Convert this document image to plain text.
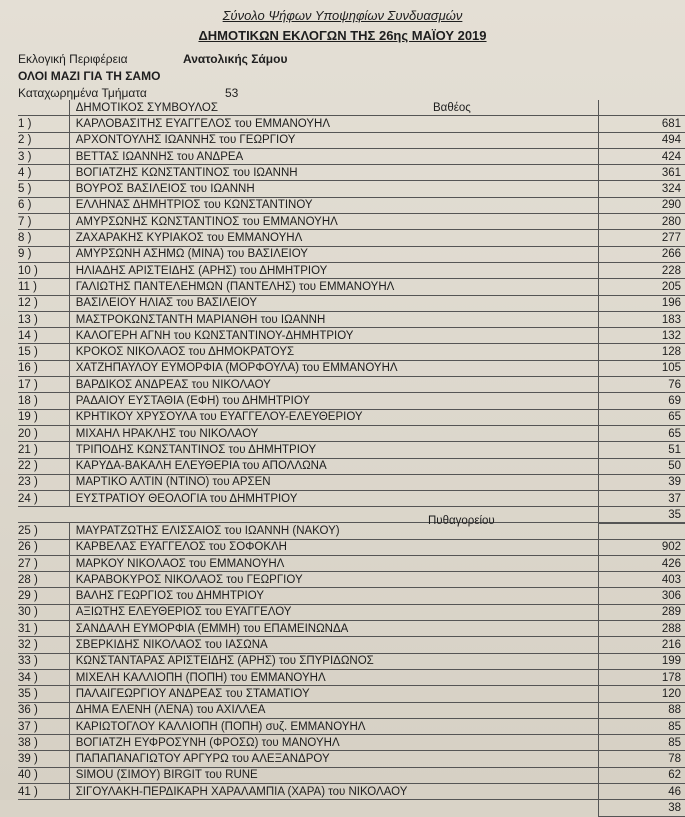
Σύνολο Ψήφων Υποψηφίων Συνδυασμών
ΔΗΜΟΤΙΚΩΝ ΕΚΛΟΓΩΝ ΤΗΣ 26ης ΜΑΪΟΥ 2019
Εκλογική Περιφέρεια	Ανατολικής Σάμου
ΟΛΟΙ ΜΑΖΙ ΓΙΑ ΤΗ ΣΑΜΟ
Καταχωρημένα Τμήματα	53
	ΔΗΜΟΤΙΚΟΣ ΣΥΜΒΟΥΛΟΣ Βαθέος	

1 )	ΚΑΡΛΟΒΑΣΙΤΗΣ ΕΥΑΓΓΕΛΟΣ του ΕΜΜΑΝΟΥΗΛ	681
2 )	ΑΡΧΟΝΤΟΥΛΗΣ ΙΩΑΝΝΗΣ του ΓΕΩΡΓΙΟΥ	494
3 )	ΒΕΤΤΑΣ ΙΩΑΝΝΗΣ του ΑΝΔΡΕΑ	424
4 )	ΒΟΓΙΑΤΖΗΣ ΚΩΝΣΤΑΝΤΙΝΟΣ του ΙΩΑΝΝΗ	361
5 )	ΒΟΥΡΟΣ ΒΑΣΙΛΕΙΟΣ του ΙΩΑΝΝΗ	324
6 )	ΕΛΛΗΝΑΣ ΔΗΜΗΤΡΙΟΣ του ΚΩΝΣΤΑΝΤΙΝΟΥ	290
7 )	ΑΜΥΡΣΩΝΗΣ ΚΩΝΣΤΑΝΤΙΝΟΣ του ΕΜΜΑΝΟΥΗΛ	280
8 )	ΖΑΧΑΡΑΚΗΣ ΚΥΡΙΑΚΟΣ του ΕΜΜΑΝΟΥΗΛ	277
9 )	ΑΜΥΡΣΩΝΗ ΑΣΗΜΩ (ΜΙΝΑ) του ΒΑΣΙΛΕΙΟΥ	266
10 )	ΗΛΙΑΔΗΣ ΑΡΙΣΤΕΙΔΗΣ (ΑΡΗΣ) του ΔΗΜΗΤΡΙΟΥ	228
11 )	ΓΑΛΙΩΤΗΣ ΠΑΝΤΕΛΕΗΜΩΝ (ΠΑΝΤΕΛΗΣ) του ΕΜΜΑΝΟΥΗΛ	205
12 )	ΒΑΣΙΛΕΙΟΥ ΗΛΙΑΣ του ΒΑΣΙΛΕΙΟΥ	196
13 )	ΜΑΣΤΡΟΚΩΝΣΤΑΝΤΗ ΜΑΡΙΑΝΘΗ του ΙΩΑΝΝΗ	183
14 )	ΚΑΛΟΓΕΡΗ ΑΓΝΗ του ΚΩΝΣΤΑΝΤΙΝΟΥ-ΔΗΜΗΤΡΙΟΥ	132
15 )	ΚΡΟΚΟΣ ΝΙΚΟΛΑΟΣ του ΔΗΜΟΚΡΑΤΟΥΣ	128
16 )	ΧΑΤΖΗΠΑΥΛΟΥ ΕΥΜΟΡΦΙΑ (ΜΟΡΦΟΥΛΑ) του ΕΜΜΑΝΟΥΗΛ	105
17 )	ΒΑΡΔΙΚΟΣ ΑΝΔΡΕΑΣ του ΝΙΚΟΛΑΟΥ	76
18 )	ΡΑΔΑΙΟΥ ΕΥΣΤΑΘΙΑ (ΕΦΗ) του ΔΗΜΗΤΡΙΟΥ	69
19 )	ΚΡΗΤΙΚΟΥ ΧΡΥΣΟΥΛΑ του ΕΥΑΓΓΕΛΟΥ-ΕΛΕΥΘΕΡΙΟΥ	65
20 )	ΜΙΧΑΗΛ ΗΡΑΚΛΗΣ του ΝΙΚΟΛΑΟΥ	65
21 )	ΤΡΙΠΟΔΗΣ ΚΩΝΣΤΑΝΤΙΝΟΣ του ΔΗΜΗΤΡΙΟΥ	51
22 )	ΚΑΡΥΔΑ-ΒΑΚΑΛΗ ΕΛΕΥΘΕΡΙΑ του ΑΠΟΛΛΩΝΑ	50
23 )	ΜΑΡΤΙΚΟ ΑΛΤΙΝ (ΝΤΙΝΟ) του ΑΡΣΕΝ	39
24 )	ΕΥΣΤΡΑΤΙΟΥ ΘΕΟΛΟΓΙΑ του ΔΗΜΗΤΡΙΟΥ	37
		35

	Πυθαγορείου	

25 )	ΜΑΥΡΑΤΖΩΤΗΣ ΕΛΙΣΣΑΙΟΣ του ΙΩΑΝΝΗ (ΝΑΚΟΥ)	
26 )	ΚΑΡΒΕΛΑΣ ΕΥΑΓΓΕΛΟΣ του ΣΟΦΟΚΛΗ	902
27 )	ΜΑΡΚΟΥ ΝΙΚΟΛΑΟΣ του ΕΜΜΑΝΟΥΗΛ	426
28 )	ΚΑΡΑΒΟΚΥΡΟΣ ΝΙΚΟΛΑΟΣ του ΓΕΩΡΓΙΟΥ	403
29 )	ΒΑΛΗΣ ΓΕΩΡΓΙΟΣ του ΔΗΜΗΤΡΙΟΥ	306
30 )	ΑΞΙΩΤΗΣ ΕΛΕΥΘΕΡΙΟΣ του ΕΥΑΓΓΕΛΟΥ	289
31 )	ΣΑΝΔΑΛΗ ΕΥΜΟΡΦΙΑ (ΕΜΜΗ) του ΕΠΑΜΕΙΝΩΝΔΑ	288
32 )	ΣΒΕΡΚΙΔΗΣ ΝΙΚΟΛΑΟΣ του ΙΑΣΩΝΑ	216
33 )	ΚΩΝΣΤΑΝΤΑΡΑΣ ΑΡΙΣΤΕΙΔΗΣ (ΑΡΗΣ) του ΣΠΥΡΙΔΩΝΟΣ	199
34 )	ΜΙΧΕΛΗ ΚΑΛΛΙΟΠΗ (ΠΟΠΗ) του ΕΜΜΑΝΟΥΗΛ	178
35 )	ΠΑΛΑΙΓΕΩΡΓΙΟΥ ΑΝΔΡΕΑΣ του ΣΤΑΜΑΤΙΟΥ	120
36 )	ΔΗΜΑ ΕΛΕΝΗ (ΛΕΝΑ) του ΑΧΙΛΛΕΑ	88
37 )	ΚΑΡΙΩΤΟΓΛΟΥ ΚΑΛΛΙΟΠΗ (ΠΟΠΗ) συζ. ΕΜΜΑΝΟΥΗΛ	85
38 )	ΒΟΓΙΑΤΖΗ ΕΥΦΡΟΣΥΝΗ (ΦΡΟΣΩ) του ΜΑΝΟΥΗΛ	85
39 )	ΠΑΠΑΠΑΝΑΓΙΩΤΟΥ ΑΡΓΥΡΩ του ΑΛΕΞΑΝΔΡΟΥ	78
40 )	SIMOU (ΣΙΜΟΥ) BIRGIT του RUNE	62
41 )	ΣΙΓΟΥΛΑΚΗ-ΠΕΡΔΙΚΑΡΗ ΧΑΡΑΛΑΜΠΙΑ (ΧΑΡΑ) του ΝΙΚΟΛΑΟΥ	46
		38
